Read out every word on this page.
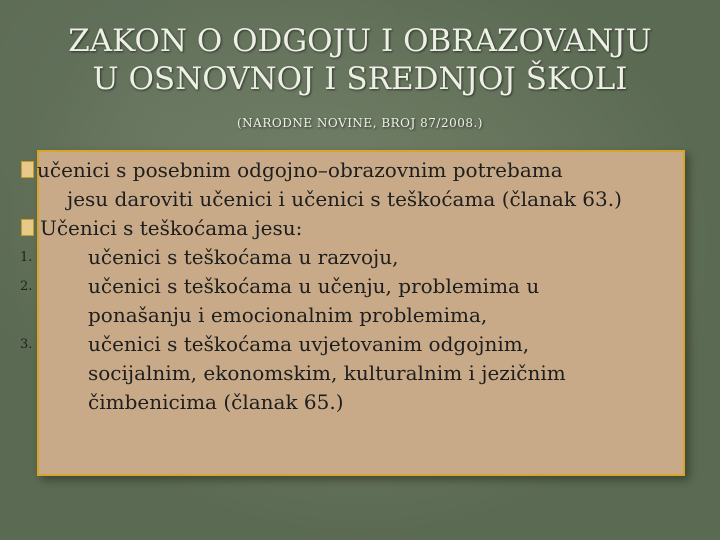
ZAKON O ODGOJU I OBRAZOVANJU
U OSNOVNOJ I SREDNJOJ ŠKOLI
(NARODNE NOVINE, BROJ 87/2008.)
učenici s posebnim odgojno–obrazovnim potrebama
jesu daroviti učenici i učenici s teškoćama (članak 63.)
Učenici s teškoćama jesu:
1.	učenici s teškoćama u razvoju,
2.	učenici s teškoćama u učenju, problemima u
ponašanju i emocionalnim problemima,
3.	učenici s teškoćama uvjetovanim odgojnim,
socijalnim, ekonomskim, kulturalnim i jezičnim
čimbenicima (članak 65.)
